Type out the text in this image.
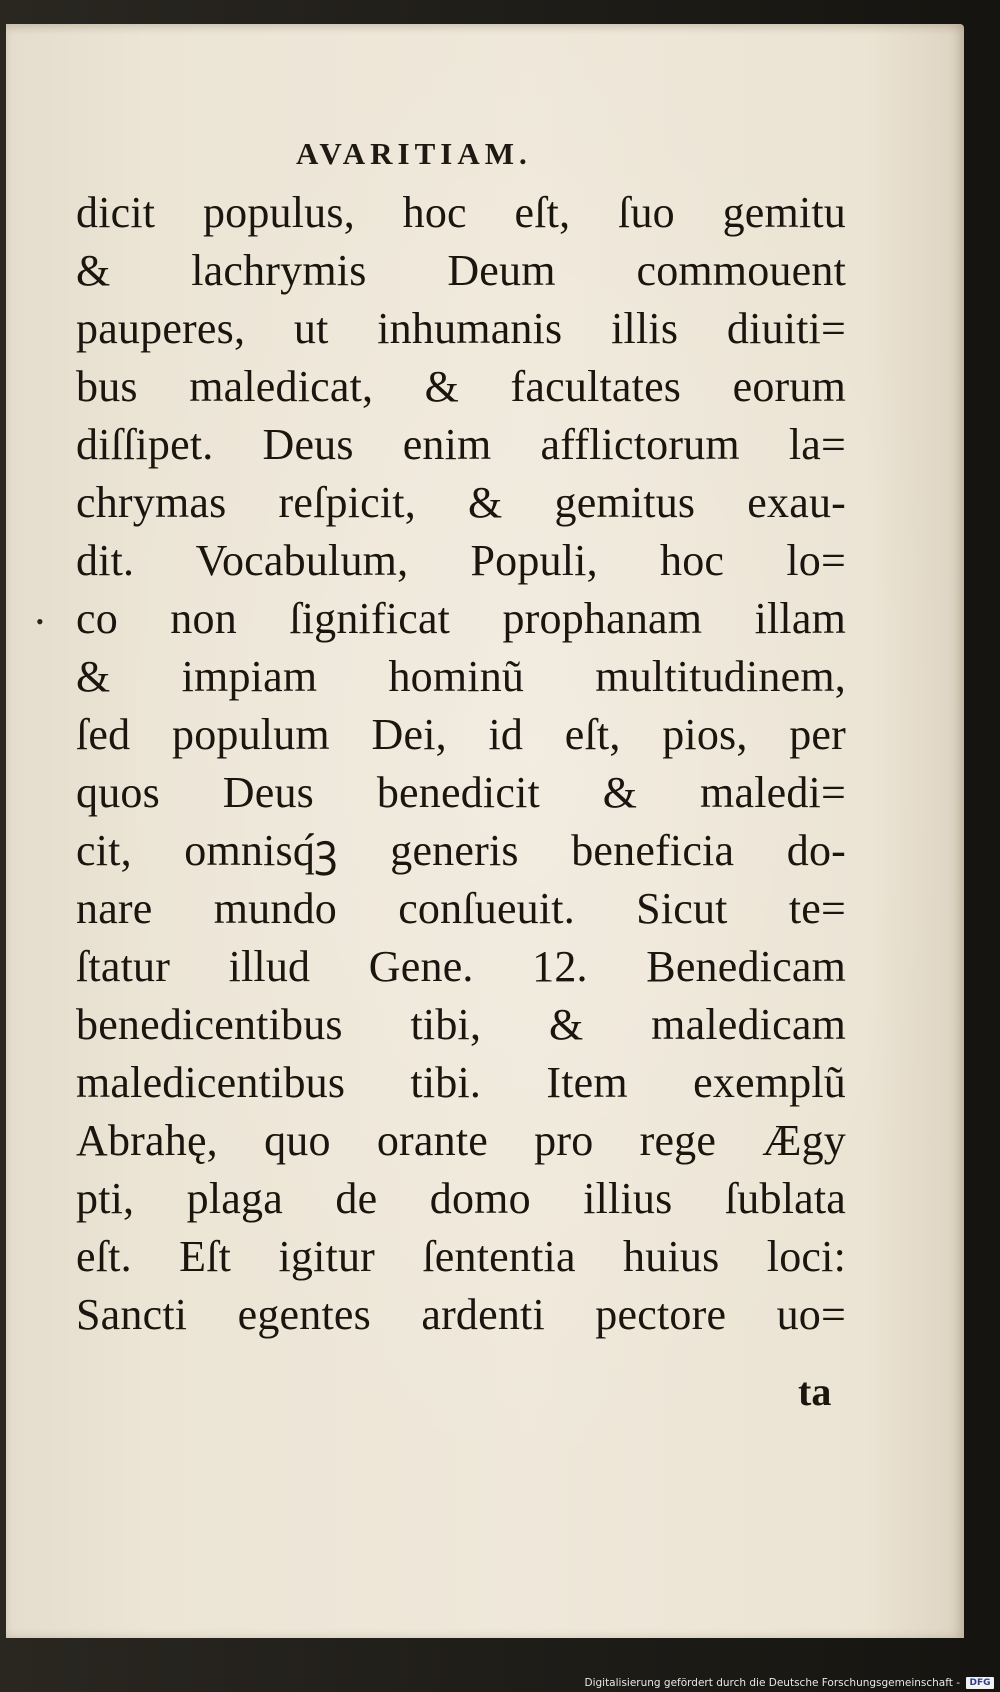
AVARITIAM.
•
dicit populus, hoc eſt, ſuo gemitu
& lachrymis Deum commouent
pauperes, ut inhumanis illis diuiti=
bus maledicat, & facultates eorum
diſſipet. Deus enim afflictorum la=
chrymas reſpicit, & gemitus exau-
dit. Vocabulum, Populi, hoc lo=
co non ſignificat prophanam illam
& impiam hominũ multitudinem,
ſed populum Dei, id eſt, pios, per
quos Deus benedicit & maledi=
cit, omnisq́ꝫ generis beneficia do-
nare mundo conſueuit. Sicut te=
ſtatur illud Gene. 12. Benedicam
benedicentibus tibi, & maledicam
maledicentibus tibi. Item exemplũ
Abrahę, quo orante pro rege Ægy
pti, plaga de domo illius ſublata
eſt. Eſt igitur ſententia huius loci:
Sancti egentes ardenti pectore uo=
ta
Digitalisierung gefördert durch die Deutsche Forschungsgemeinschaft -	DFG
